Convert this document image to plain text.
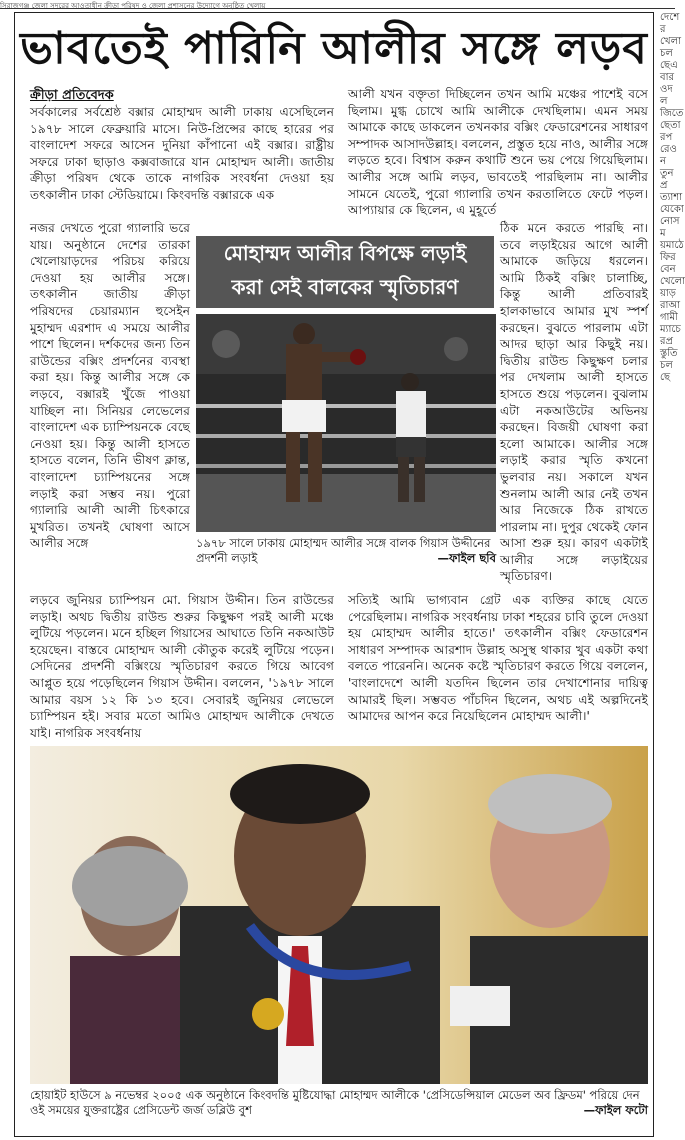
সিরাজগঞ্জ জেলা সদরের আওতাধীন ক্রীড়া পরিষদ ও জেলা প্রশাসনের উদ্যোগে অনুষ্ঠিত খেলায়
ভাবতেই পারিনি আলীর সঙ্গে লড়ব
ক্রীড়া প্রতিবেদক

সর্বকালের সর্বশ্রেষ্ঠ বক্সার মোহাম্মদ আলী ঢাকায় এসেছিলেন ১৯৭৮ সালে ফেব্রুয়ারি মাসে। নিউ-প্রিন্সের কাছে হারের পর বাংলাদেশ সফরে আসেন দুনিয়া কাঁপানো এই বক্সার। রাষ্ট্রীয় সফরে ঢাকা ছাড়াও কক্সবাজারে যান মোহাম্মদ আলী। জাতীয় ক্রীড়া পরিষদ থেকে তাকে নাগরিক সংবর্ধনা দেওয়া হয় তৎকালীন ঢাকা স্টেডিয়ামে। কিংবদন্তি বক্সারকে এক

নজর দেখতে পুরো গ্যালারি ভরে যায়। অনুষ্ঠানে দেশের তারকা খেলোয়াড়দের পরিচয় করিয়ে দেওয়া হয় আলীর সঙ্গে। তৎকালীন জাতীয় ক্রীড়া পরিষদের চেয়ারম্যান হুসেইন মুহাম্মদ এরশাদ এ সময়ে আলীর পাশে ছিলেন। দর্শকদের জন্য তিন রাউন্ডের বক্সিং প্রদর্শনের ব্যবস্থা করা হয়। কিন্তু আলীর সঙ্গে কে লড়বে, বক্সারই খুঁজে পাওয়া যাচ্ছিল না। সিনিয়র লেভেলের বাংলাদেশ এক চ্যাম্পিয়নকে বেছে নেওয়া হয়। কিন্তু আলী হাসতে হাসতে বলেন, তিনি ভীষণ ক্লান্ত, বাংলাদেশ চ্যাম্পিয়নের সঙ্গে লড়াই করা সম্ভব নয়। পুরো গ্যালারি আলী আলী চিৎকারে মুখরিত। তখনই ঘোষণা আসে আলীর সঙ্গে

লড়বে জুনিয়র চ্যাম্পিয়ন মো. গিয়াস উদ্দীন। তিন রাউন্ডের লড়াই। অথচ দ্বিতীয় রাউন্ড শুরুর কিছুক্ষণ পরই আলী মঞ্চে লুটিয়ে পড়লেন। মনে হচ্ছিল গিয়াসের আঘাতে তিনি নকআউট হয়েছেন। বাস্তবে মোহাম্মদ আলী কৌতুক করেই লুটিয়ে পড়েন। সেদিনের প্রদর্শনী বক্সিংয়ে স্মৃতিচারণ করতে গিয়ে আবেগ আপ্লুত হয়ে পড়েছিলেন গিয়াস উদ্দীন। বললেন, '১৯৭৮ সালে আমার বয়স ১২ কি ১৩ হবে। সেবারই জুনিয়র লেভেলে চ্যাম্পিয়ন হই। সবার মতো আমিও মোহাম্মদ আলীকে দেখতে যাই। নাগরিক সংবর্ধনায়

আলী যখন বক্তৃতা দিচ্ছিলেন তখন আমি মঞ্চের পাশেই বসে ছিলাম। মুগ্ধ চোখে আমি আলীকে দেখছিলাম। এমন সময় আমাকে কাছে ডাকলেন তখনকার বক্সিং ফেডারেশনের সাধারণ সম্পাদক আসাদউল্লাহ। বললেন, প্রস্তুত হয়ে নাও, আলীর সঙ্গে লড়তে হবে। বিশ্বাস করুন কথাটি শুনে ভয় পেয়ে গিয়েছিলাম। আলীর সঙ্গে আমি লড়ব, ভাবতেই পারছিলাম না। আলীর সামনে যেতেই, পুরো গ্যালারি তখন করতালিতে ফেটে পড়ল। আপ্যায়ার কে ছিলেন, এ মুহূর্তে

ঠিক মনে করতে পারছি না। তবে লড়াইয়ের আগে আলী আমাকে জড়িয়ে ধরলেন। আমি ঠিকই বক্সিং চালাচ্ছি, কিন্তু আলী প্রতিবারই হালকাভাবে আমার মুখ স্পর্শ করছেন। বুঝতে পারলাম এটা আদর ছাড়া আর কিছুই নয়। দ্বিতীয় রাউন্ড কিছুক্ষণ চলার পর দেখলাম আলী হাসতে হাসতে শুয়ে পড়লেন। বুঝলাম এটা নকআউটের অভিনয় করছেন। বিজয়ী ঘোষণা করা হলো আমাকে। আলীর সঙ্গে লড়াই করার স্মৃতি কখনো ভুলবার নয়। সকালে যখন শুনলাম আলী আর নেই তখন আর নিজেকে ঠিক রাখতে পারলাম না। দুপুর থেকেই ফোন আসা শুরু হয়। কারণ একটাই আলীর সঙ্গে লড়াইয়ের স্মৃতিচারণ।

সত্যিই আমি ভাগ্যবান গ্রেট এক ব্যক্তির কাছে যেতে পেরেছিলাম। নাগরিক সংবর্ধনায় ঢাকা শহরের চাবি তুলে দেওয়া হয় মোহাম্মদ আলীর হাতে।' তৎকালীন বক্সিং ফেডারেশন সাধারণ সম্পাদক আরশাদ উল্লাহ অসুস্থ থাকার খুব একটা কথা বলতে পারেননি। অনেক কষ্টে স্মৃতিচারণ করতে গিয়ে বললেন, 'বাংলাদেশে আলী যতদিন ছিলেন তার দেখাশোনার দায়িত্ব আমারই ছিল। সম্ভবত পাঁচদিন ছিলেন, অথচ এই অল্পদিনেই আমাদের আপন করে নিয়েছিলেন মোহাম্মদ আলী।'

মোহাম্মদ আলীর বিপক্ষে লড়াই
করা সেই বালকের স্মৃতিচারণ
১৯৭৮ সালে ঢাকায় মোহাম্মদ আলীর সঙ্গে বালক গিয়াস উদ্দীনের প্রদর্শনী লড়াই	—ফাইল ছবি
হোয়াইট হাউসে ৯ নভেম্বর ২০০৫ এক অনুষ্ঠানে কিংবদন্তি মুষ্টিযোদ্ধা মোহাম্মদ আলীকে 'প্রেসিডেন্সিয়াল মেডেল অব ফ্রিডম' পরিয়ে দেন ওই সময়ের যুক্তরাষ্ট্রের প্রেসিডেন্ট জর্জ ডব্লিউ বুশ	—ফাইল ফটো
দেশেরখেলাচলছেএবারওদলজিতেছেতারপরেওনতুনপ্রত্যাশাযেকোনোসময়মাঠেফিরবেনখেলোয়াড়রাআগামীম্যাচেরপ্রস্তুতিচলছে
